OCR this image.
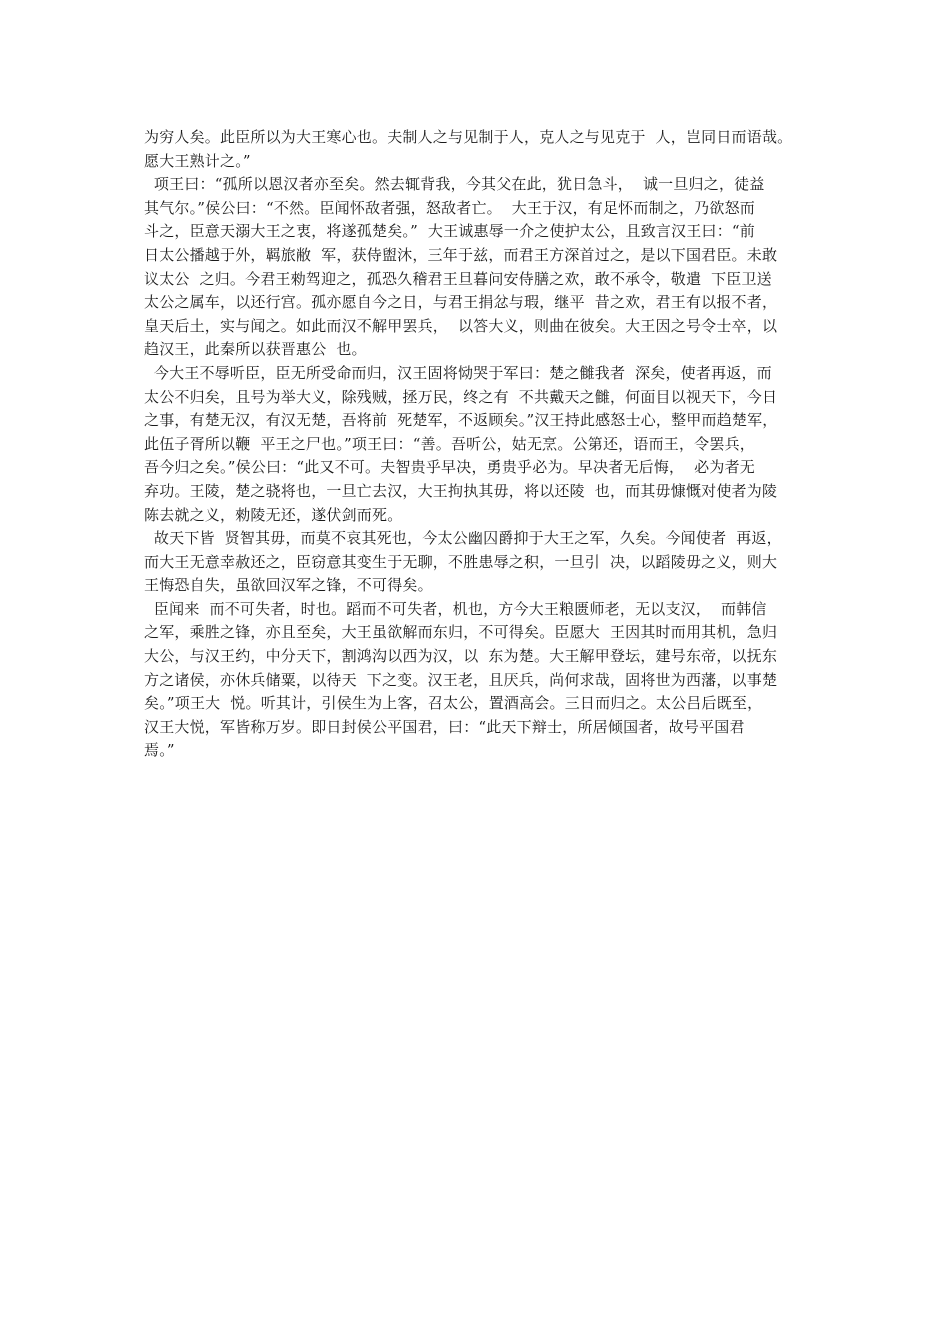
为穷人矣。此臣所以为大王寒心也。夫制人之与见制于人，克人之与见克于  人，岂同日而语哉。
愿大王熟计之。”
项王曰：“孤所以恩汉者亦至矣。然去辄背我，今其父在此，犹日急斗，  诚一旦归之，徒益
其气尔。”侯公曰：“不然。臣闻怀敌者强，怒敌者亡。  大王于汉，有足怀而制之，乃欲怒而
斗之，臣意天溺大王之衷，将遂孤楚矣。”  大王诚惠辱一介之使护太公，且致言汉王曰：“前
日太公播越于外，羁旅敝  军，获侍盥沐，三年于兹，而君王方深首过之，是以下国君臣。未敢
议太公  之归。今君王勑驾迎之，孤恐久稽君王旦暮问安侍膳之欢，敢不承令，敬遣  下臣卫送
太公之属车，以还行宫。孤亦愿自今之日，与君王捐忿与瑕，继平  昔之欢，君王有以报不者，
皇天后土，实与闻之。如此而汉不解甲罢兵，  以答大义，则曲在彼矣。大王因之号令士卒，以
趋汉王，此秦所以获晋惠公  也。
今大王不辱听臣，臣无所受命而归，汉王固将恸哭于军曰：楚之雠我者  深矣，使者再返，而
太公不归矣，且号为举大义，除残贼，拯万民，终之有  不共戴天之雠，何面目以视天下，今日
之事，有楚无汉，有汉无楚，吾将前  死楚军，不返顾矣。”汉王持此感怒士心，整甲而趋楚军，
此伍子胥所以鞭  平王之尸也。”项王曰：“善。吾听公，姑无烹。公第还，语而王，令罢兵，
吾今归之矣。”侯公曰：“此又不可。夫智贵乎早决，勇贵乎必为。早决者无后悔，  必为者无
弃功。王陵，楚之骁将也，一旦亡去汉，大王拘执其毋，将以还陵  也，而其毋慷慨对使者为陵
陈去就之义，勑陵无还，遂伏剑而死。
故天下皆  贤智其毋，而莫不哀其死也，今太公幽囚爵抑于大王之军，久矣。今闻使者  再返，
而大王无意幸赦还之，臣窃意其变生于无聊，不胜患辱之积，一旦引  决，以蹈陵毋之义，则大
王悔恐自失，虽欲回汉军之锋，不可得矣。
臣闻来  而不可失者，时也。蹈而不可失者，机也，方今大王粮匮师老，无以支汉，  而韩信
之军，乘胜之锋，亦且至矣，大王虽欲解而东归，不可得矣。臣愿大  王因其时而用其机，急归
大公，与汉王约，中分天下，割鸿沟以西为汉，以  东为楚。大王解甲登坛，建号东帝，以抚东
方之诸侯，亦休兵储粟，以待天  下之变。汉王老，且厌兵，尚何求哉，固将世为西藩，以事楚
矣。”项王大  悦。听其计，引侯生为上客，召太公，置酒高会。三日而归之。太公吕后既至，
汉王大悦，军皆称万岁。即日封侯公平国君，曰：“此天下辩士，所居倾国者，故号平国君
焉。”
